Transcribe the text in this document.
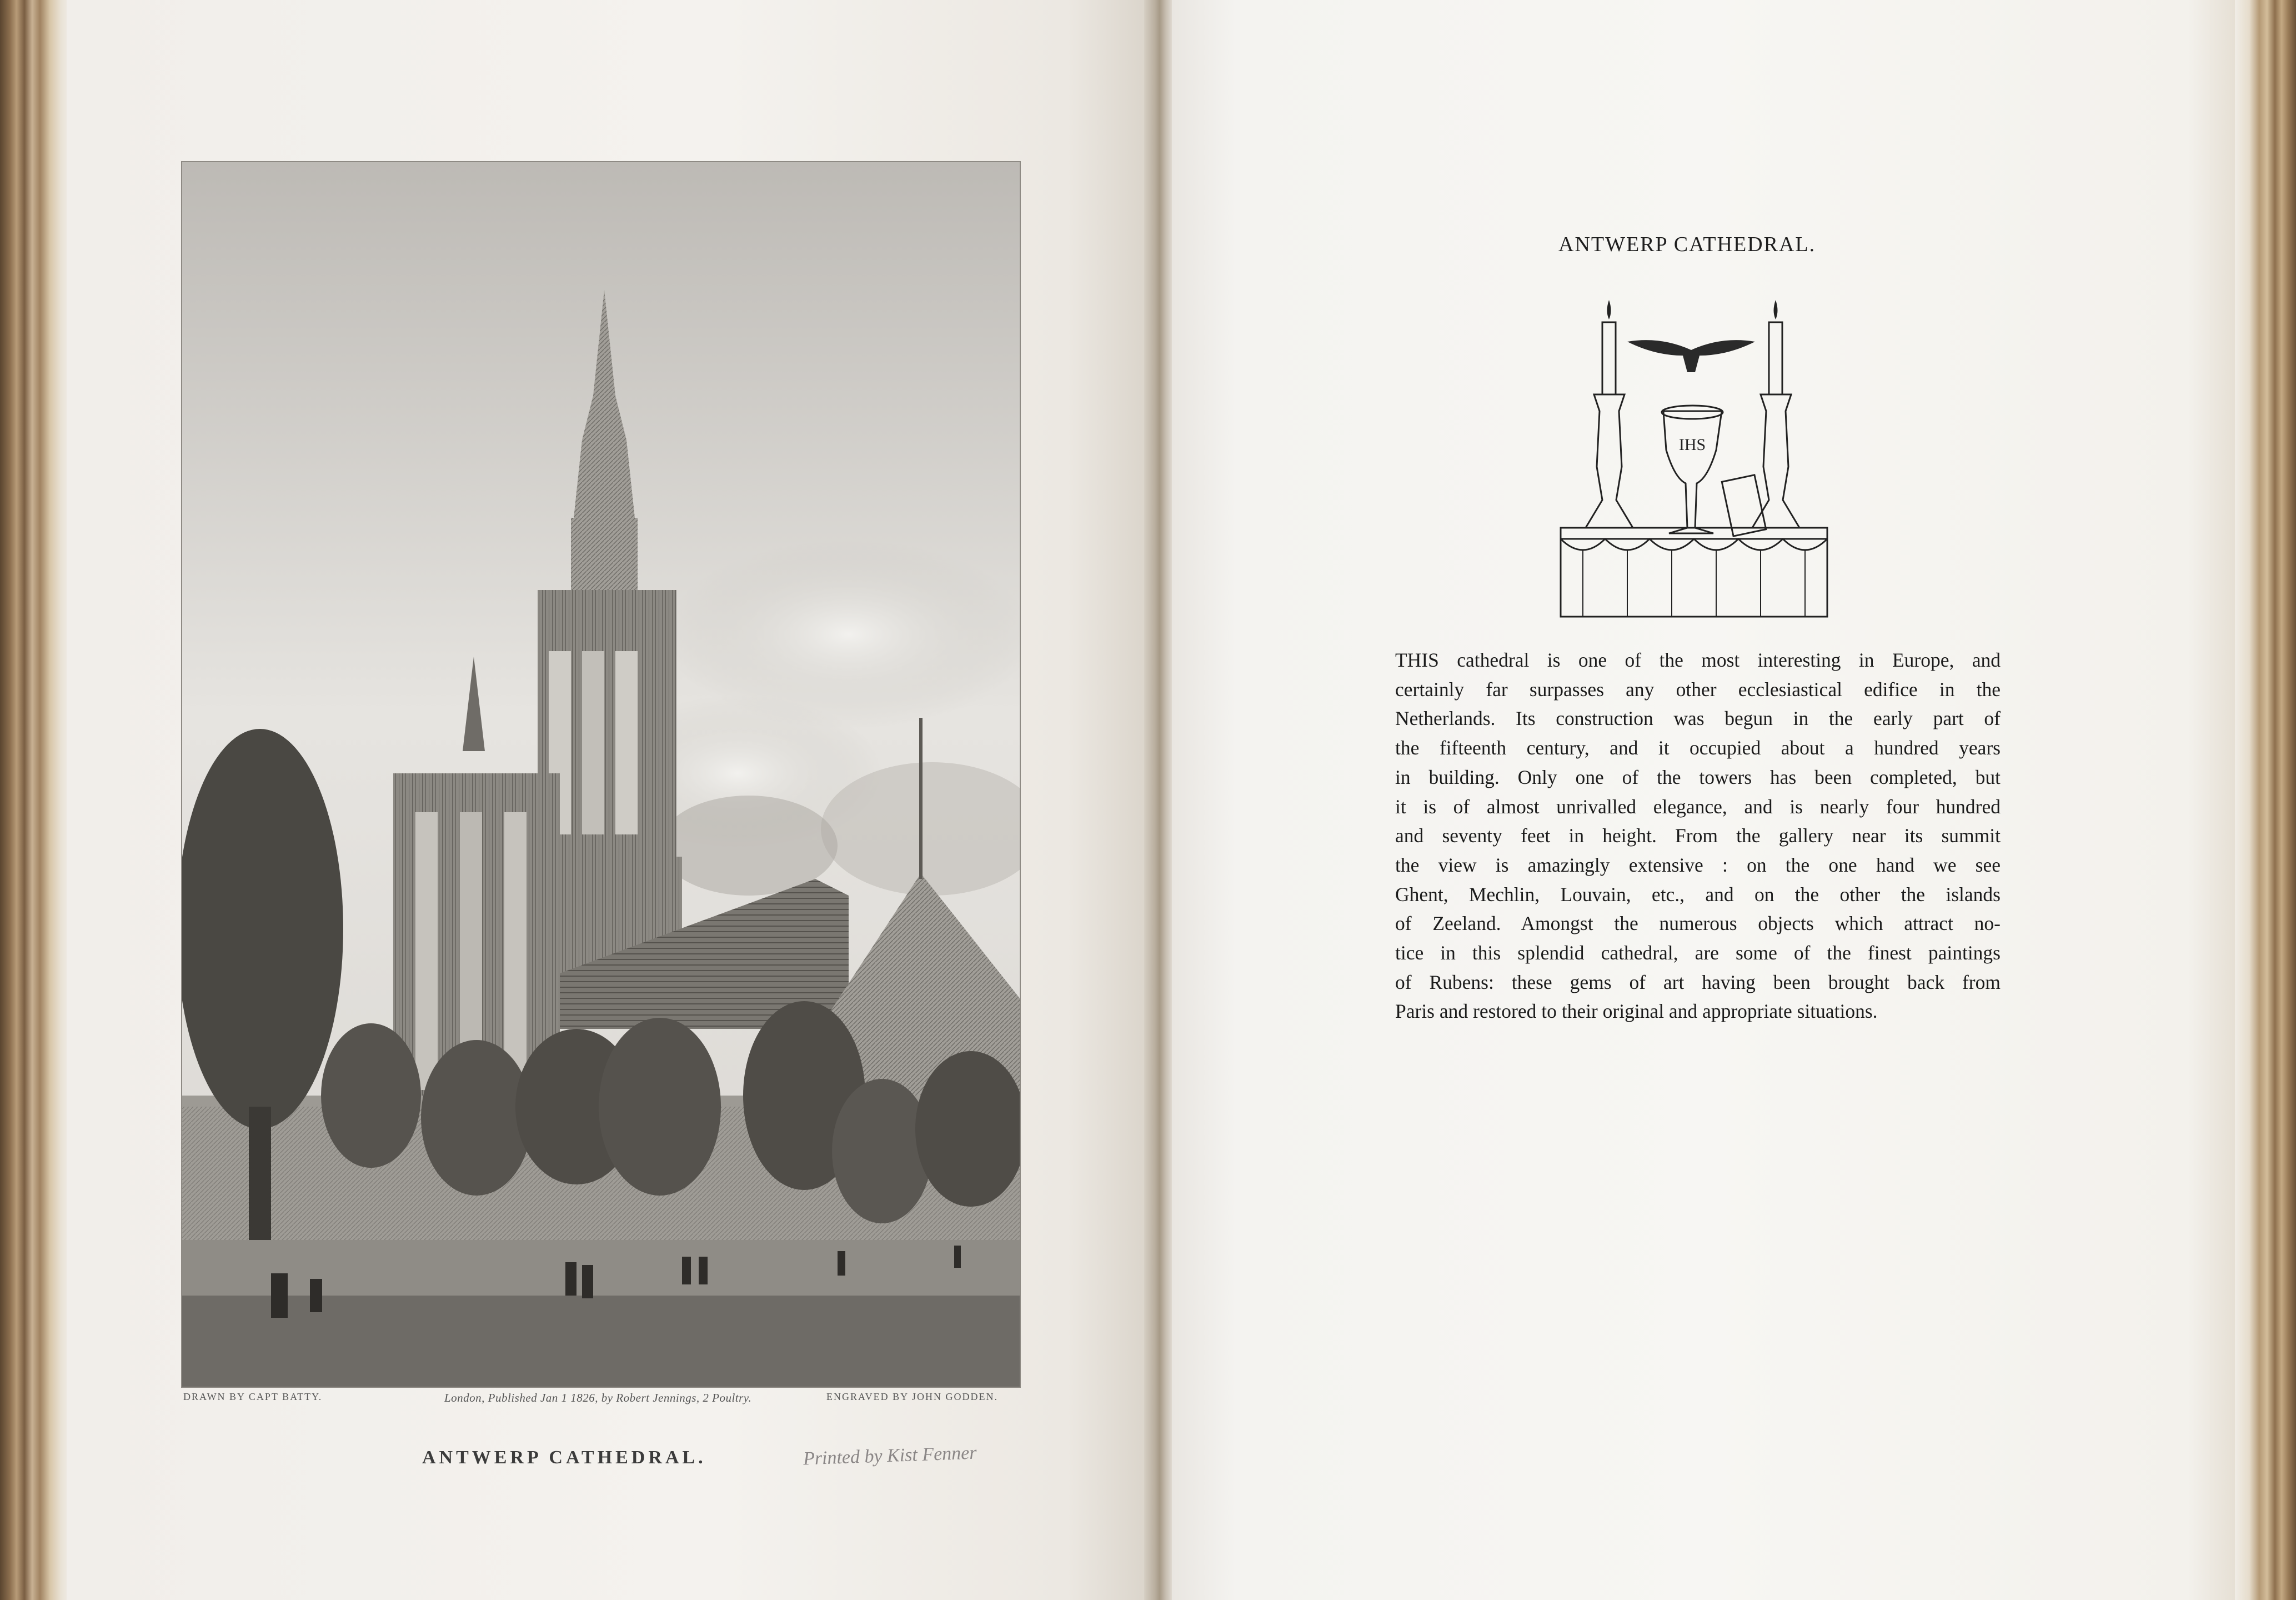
DRAWN BY CAPT BATTY.	London, Published Jan 1 1826, by Robert Jennings, 2 Poultry.	ENGRAVED BY JOHN GODDEN.
ANTWERP CATHEDRAL.	Printed by Kist Fenner
ANTWERP CATHEDRAL.
IHS
THIS cathedral is one of the most interesting in Europe, and
certainly far surpasses any other ecclesiastical edifice in the
Netherlands. Its construction was begun in the early part of
the fifteenth century, and it occupied about a hundred years
in building. Only one of the towers has been completed, but
it is of almost unrivalled elegance, and is nearly four hundred
and seventy feet in height. From the gallery near its summit
the view is amazingly extensive : on the one hand we see
Ghent, Mechlin, Louvain, etc., and on the other the islands
of Zeeland. Amongst the numerous objects which attract no-
tice in this splendid cathedral, are some of the finest paintings
of Rubens: these gems of art having been brought back from
Paris and restored to their original and appropriate situations.
